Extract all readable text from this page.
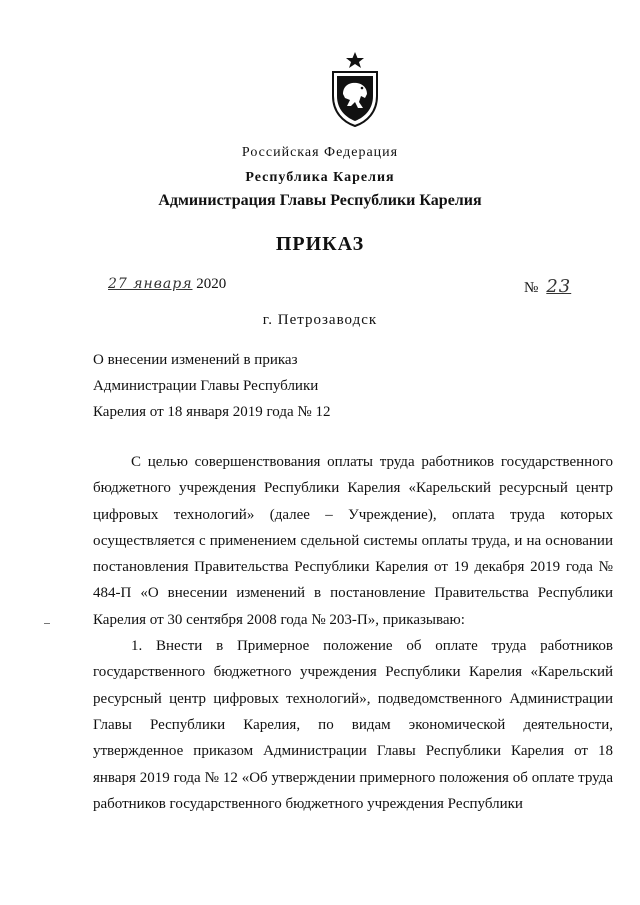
Российская Федерация
Республика Карелия
Администрация Главы Республики Карелия
ПРИКАЗ
27 января 2020	№ 23
г. Петрозаводск
О внесении изменений в приказ
Администрации Главы Республики
Карелия от 18 января 2019 года № 12

С целью совершенствования оплаты труда работников государственного бюджетного учреждения Республики Карелия «Карельский ресурсный центр цифровых технологий» (далее – Учреждение), оплата труда которых осуществляется с применением сдельной системы оплаты труда, и на основании постановления Правительства Республики Карелия от 19 декабря 2019 года № 484-П «О внесении изменений в постановление Правительства Республики Карелия от 30 сентября 2008 года № 203-П», приказываю:

1. Внести в Примерное положение об оплате труда работников государственного бюджетного учреждения Республики Карелия «Карельский ресурсный центр цифровых технологий», подведомственного Администрации Главы Республики Карелия, по видам экономической деятельности, утвержденное приказом Администрации Главы Республики Карелия от 18 января 2019 года № 12 «Об утверждении примерного положения об оплате труда работников государственного бюджетного учреждения Республики
